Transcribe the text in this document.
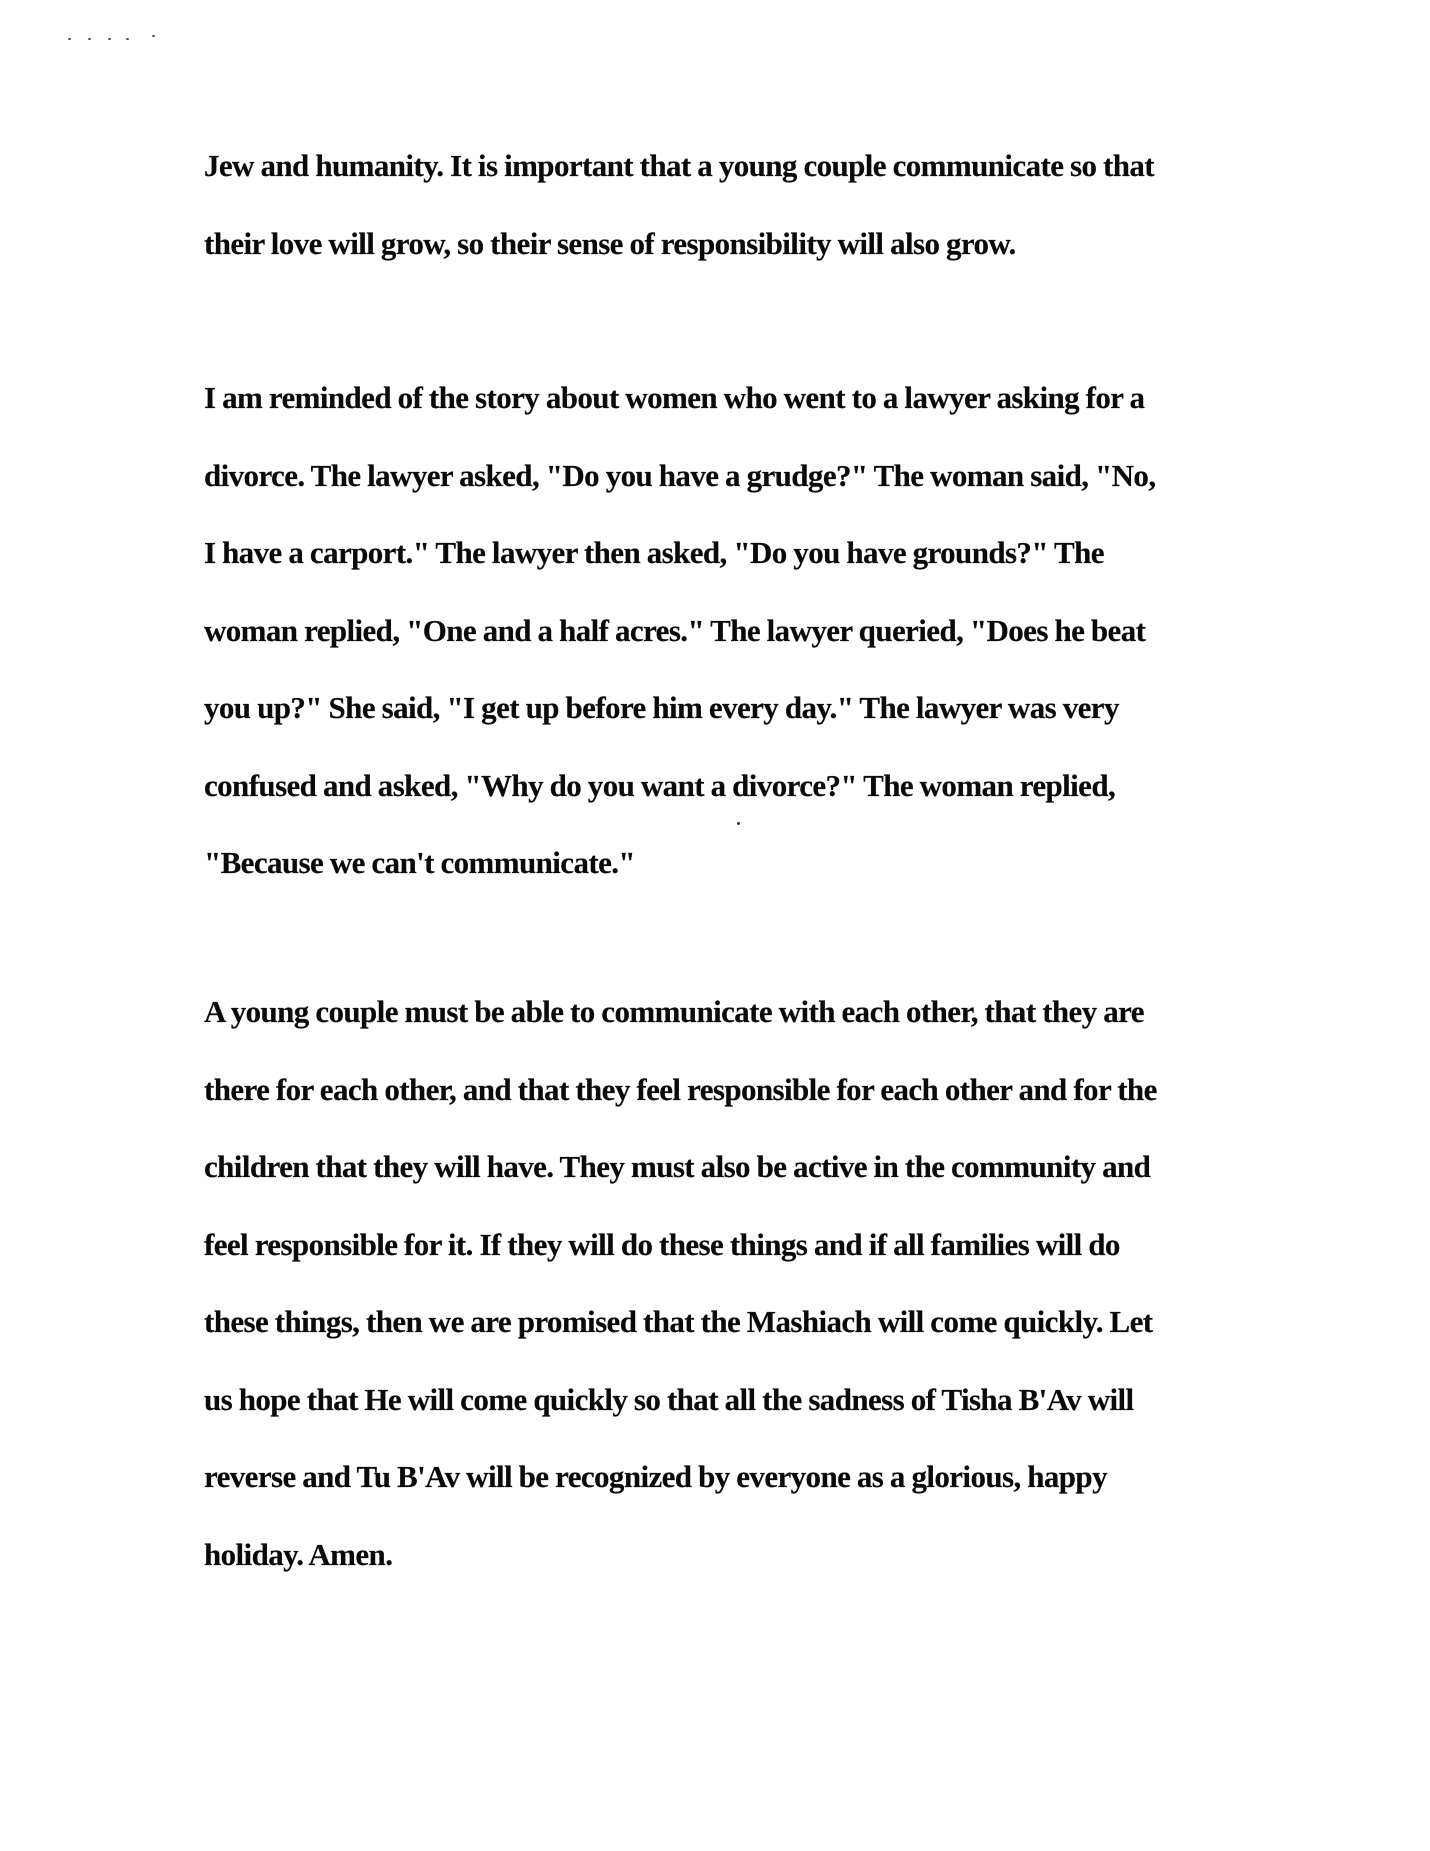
Jew and humanity. It is important that a young couple communicate so that
their love will grow, so their sense of responsibility will also grow.
I am reminded of the story about women who went to a lawyer asking for a
divorce. The lawyer asked, "Do you have a grudge?" The woman said, "No,
I have a carport." The lawyer then asked, "Do you have grounds?" The
woman replied, "One and a half acres." The lawyer queried, "Does he beat
you up?" She said, "I get up before him every day." The lawyer was very
confused and asked, "Why do you want a divorce?" The woman replied,
"Because we can't communicate."
A young couple must be able to communicate with each other, that they are
there for each other, and that they feel responsible for each other and for the
children that they will have. They must also be active in the community and
feel responsible for it. If they will do these things and if all families will do
these things, then we are promised that the Mashiach will come quickly. Let
us hope that He will come quickly so that all the sadness of Tisha B'Av will
reverse and Tu B'Av will be recognized by everyone as a glorious, happy
holiday. Amen.
